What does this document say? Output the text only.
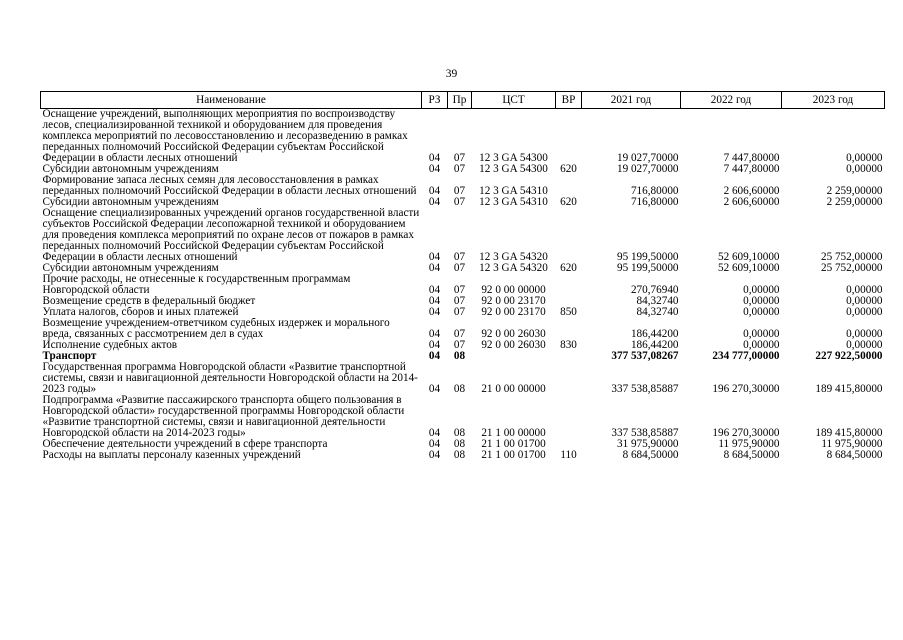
39
Наименование	РЗ	Пр	ЦСТ	ВР	2021 год	2022 год	2023 год
Оснащение учреждений, выполняющих мероприятия по воспроизводству лесов, специализированной техникой и оборудованием для проведения комплекса мероприятий по лесовосстановлению и лесоразведению в рамках переданных полномочий Российской Федерации субъектам Российской Федерации в области лесных отношений	04	07	12 3 GA 54300		19 027,70000	7 447,80000	0,00000
Субсидии автономным учреждениям	04	07	12 3 GA 54300	620	19 027,70000	7 447,80000	0,00000
Формирование запаса лесных семян для лесовосстановления в рамках переданных полномочий Российской Федерации в области лесных отношений	04	07	12 3 GA 54310		716,80000	2 606,60000	2 259,00000
Субсидии автономным учреждениям	04	07	12 3 GA 54310	620	716,80000	2 606,60000	2 259,00000
Оснащение специализированных учреждений органов государственной власти субъектов Российской Федерации лесопожарной техникой и оборудованием для проведения комплекса мероприятий по охране лесов от пожаров в рамках переданных полномочий Российской Федерации субъектам Российской Федерации в области лесных отношений	04	07	12 3 GA 54320		95 199,50000	52 609,10000	25 752,00000
Субсидии автономным учреждениям	04	07	12 3 GA 54320	620	95 199,50000	52 609,10000	25 752,00000
Прочие расходы, не отнесенные к государственным программам Новгородской области	04	07	92 0 00 00000		270,76940	0,00000	0,00000
Возмещение средств в федеральный бюджет	04	07	92 0 00 23170		84,32740	0,00000	0,00000
Уплата налогов, сборов и иных платежей	04	07	92 0 00 23170	850	84,32740	0,00000	0,00000
Возмещение учреждением-ответчиком судебных издержек и морального вреда, связанных с рассмотрением дел в судах	04	07	92 0 00 26030		186,44200	0,00000	0,00000
Исполнение судебных актов	04	07	92 0 00 26030	830	186,44200	0,00000	0,00000
Транспорт	04	08			377 537,08267	234 777,00000	227 922,50000
Государственная программа Новгородской области «Развитие транспортной системы, связи и навигационной деятельности Новгородской области на 2014-2023 годы»	04	08	21 0 00 00000		337 538,85887	196 270,30000	189 415,80000
Подпрограмма «Развитие пассажирского транспорта общего пользования в Новгородской области» государственной программы Новгородской области «Развитие транспортной системы, связи и навигационной деятельности Новгородской области на 2014-2023 годы»	04	08	21 1 00 00000		337 538,85887	196 270,30000	189 415,80000
Обеспечение деятельности учреждений в сфере транспорта	04	08	21 1 00 01700		31 975,90000	11 975,90000	11 975,90000
Расходы на выплаты персоналу казенных учреждений	04	08	21 1 00 01700	110	8 684,50000	8 684,50000	8 684,50000
